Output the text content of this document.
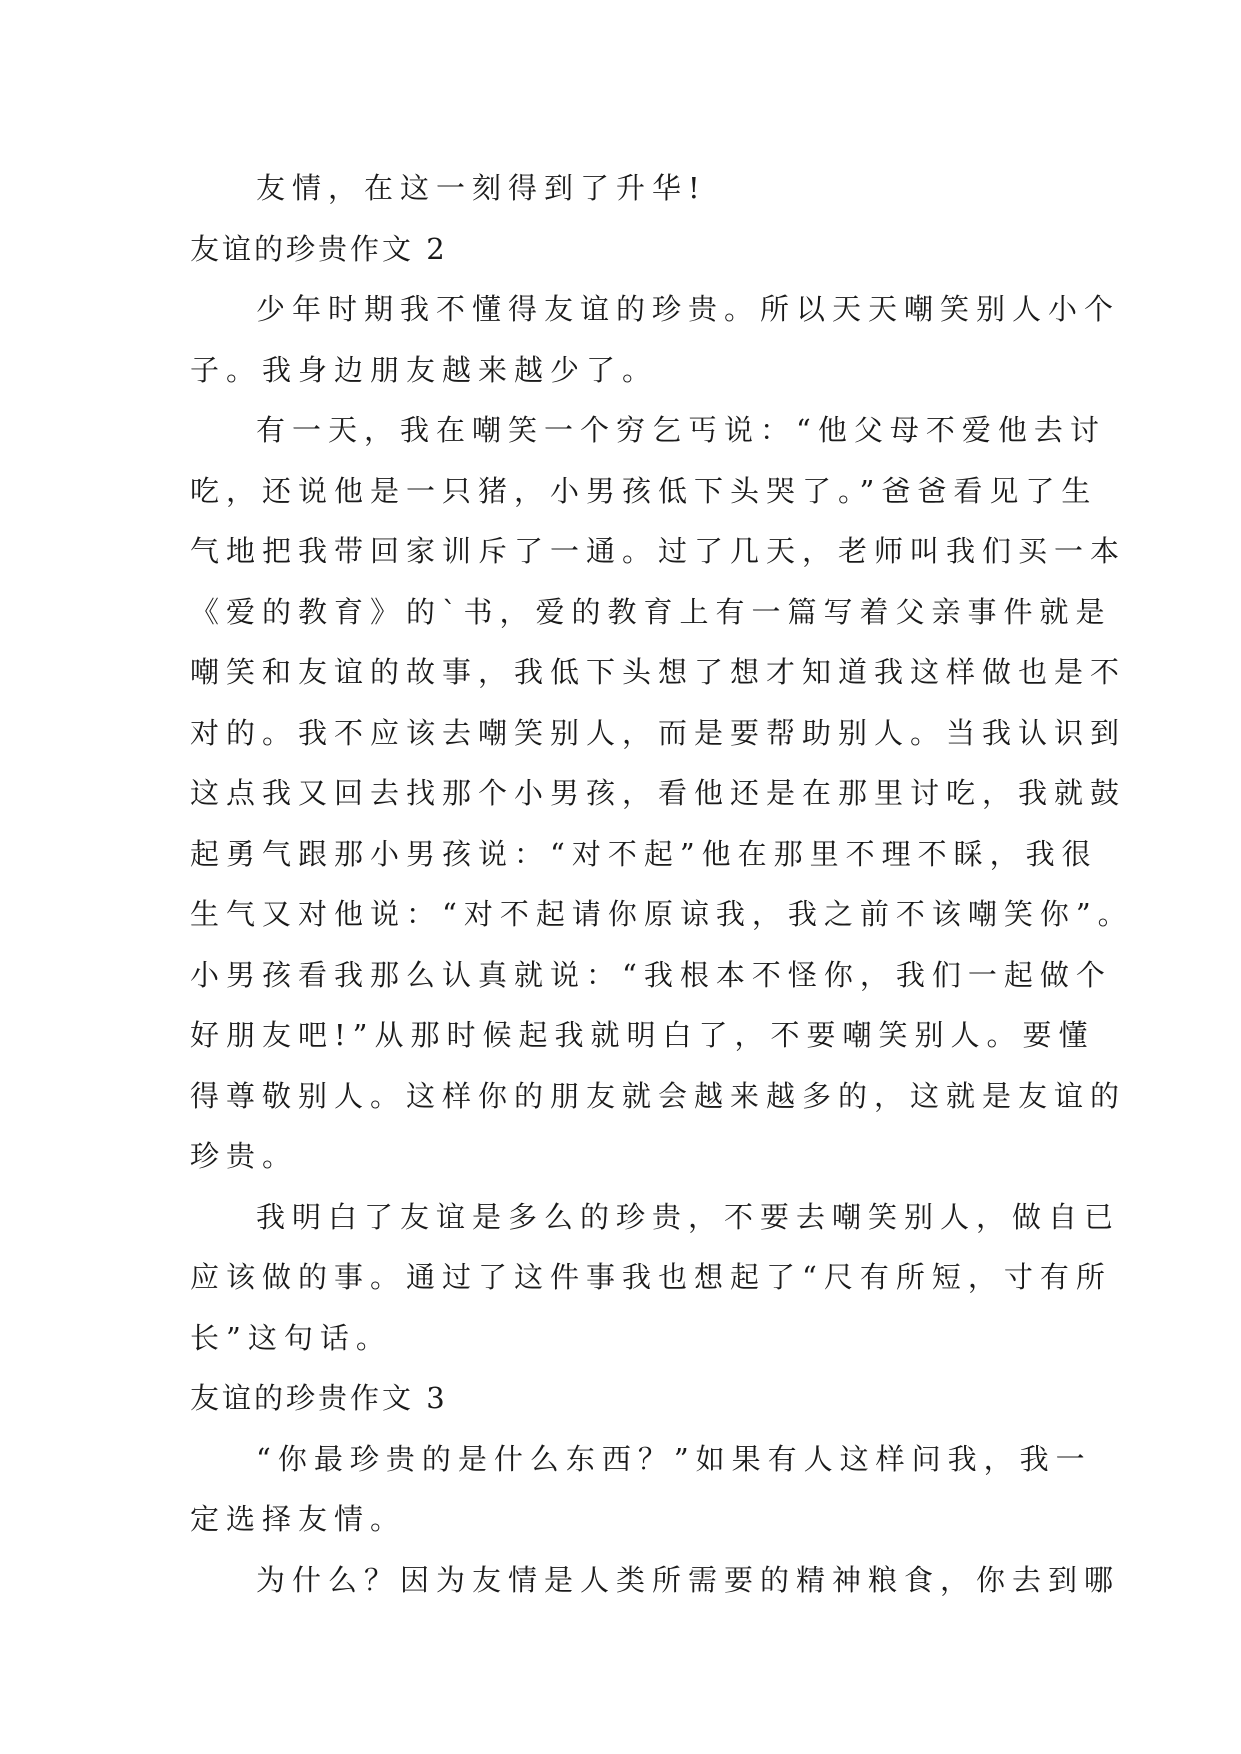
友情，在这一刻得到了升华!
友谊的珍贵作文 2
少年时期我不懂得友谊的珍贵。所以天天嘲笑别人小个
子。我身边朋友越来越少了。
有一天，我在嘲笑一个穷乞丐说：“他父母不爱他去讨
吃，还说他是一只猪，小男孩低下头哭了。”爸爸看见了生
气地把我带回家训斥了一通。过了几天，老师叫我们买一本
《爱的教育》的`书，爱的教育上有一篇写着父亲事件就是
嘲笑和友谊的故事，我低下头想了想才知道我这样做也是不
对的。我不应该去嘲笑别人，而是要帮助别人。当我认识到
这点我又回去找那个小男孩，看他还是在那里讨吃，我就鼓
起勇气跟那小男孩说：“对不起”他在那里不理不睬，我很
生气又对他说：“对不起请你原谅我，我之前不该嘲笑你”。
小男孩看我那么认真就说：“我根本不怪你，我们一起做个
好朋友吧!”从那时候起我就明白了，不要嘲笑别人。要懂
得尊敬别人。这样你的朋友就会越来越多的，这就是友谊的
珍贵。
我明白了友谊是多么的珍贵，不要去嘲笑别人，做自已
应该做的事。通过了这件事我也想起了“尺有所短，寸有所
长”这句话。
友谊的珍贵作文 3
“你最珍贵的是什么东西？”如果有人这样问我，我一
定选择友情。
为什么？因为友情是人类所需要的精神粮食，你去到哪
